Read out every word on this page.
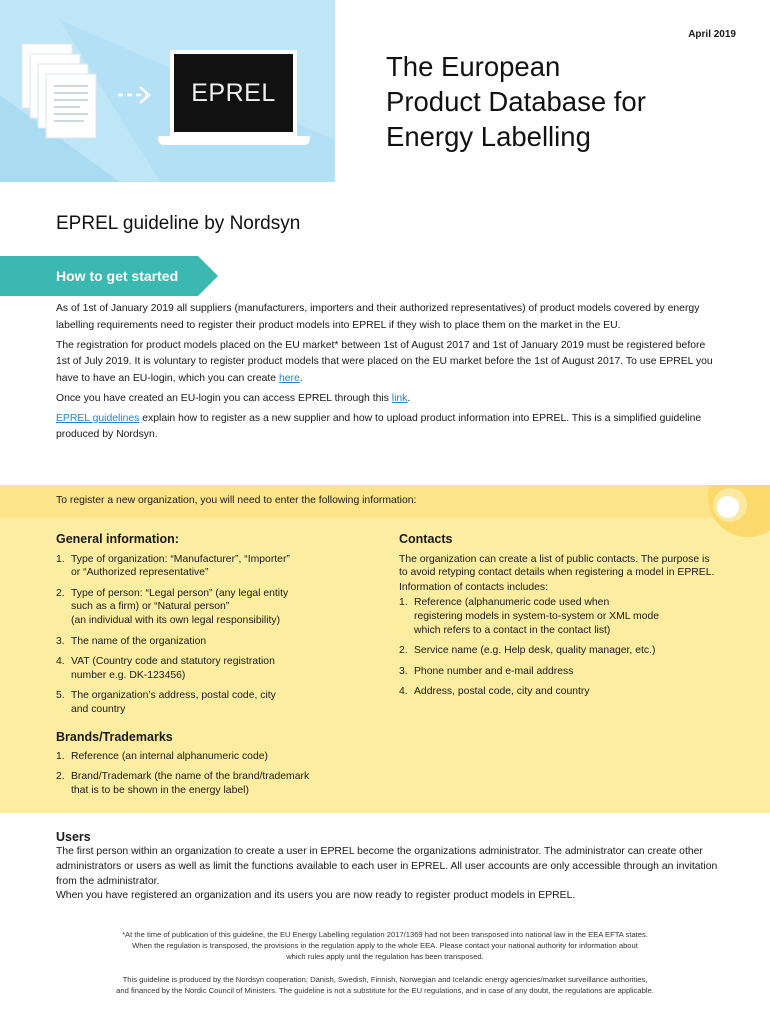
EPREL
April 2019
The European
Product Database for
Energy Labelling
EPREL guideline by Nordsyn
How to get started

As of 1st of January 2019 all suppliers (manufacturers, importers and their authorized representatives) of product models covered by energy labelling requirements need to register their product models into EPREL if they wish to place them on the market in the EU.

The registration for product models placed on the EU market* between 1st of August 2017 and 1st of January 2019 must be registered before 1st of July 2019. It is voluntary to register product models that were placed on the EU market before the 1st of August 2017. To use EPREL you have to have an EU-login, which you can create here.

Once you have created an EU-login you can access EPREL through this link.

EPREL guidelines explain how to register as a new supplier and how to upload product information into EPREL. This is a simplified guideline produced by Nordsyn.

To register a new organization, you will need to enter the following information:
General information:
1. Type of organization: “Manufacturer”, “Importer”
or “Authorized representative”
2. Type of person: “Legal person” (any legal entity
such as a firm) or “Natural person”
(an individual with its own legal responsibility)
3. The name of the organization
4. VAT (Country code and statutory registration
number e.g. DK-123456)
5. The organization’s address, postal code, city
and country
Contacts

The organization can create a list of public contacts. The purpose is to avoid retyping contact details when registering a model in EPREL.

Information of contacts includes:

1. Reference (alphanumeric code used when
registering models in system-to-system or XML mode
which refers to a contact in the contact list)
2. Service name (e.g. Help desk, quality manager, etc.)
3. Phone number and e-mail address
4. Address, postal code, city and country
Brands/Trademarks
1. Reference (an internal alphanumeric code)
2. Brand/Trademark (the name of the brand/trademark
that is to be shown in the energy label)
Users

The first person within an organization to create a user in EPREL become the organizations administrator. The administrator can create other administrators or users as well as limit the functions available to each user in EPREL. All user accounts are only accessible through an invitation from the administrator.

When you have registered an organization and its users you are now ready to register product models in EPREL.

*At the time of publication of this guideline, the EU Energy Labelling regulation 2017/1369 had not been transposed into national law in the EEA EFTA states.
When the regulation is transposed, the provisions in the regulation apply to the whole EEA. Please contact your national authority for information about
which rules apply until the regulation has been transposed.
This guideline is produced by the Nordsyn cooperation; Danish, Swedish, Finnish, Norwegian and Icelandic energy agencies/market surveillance authorities,
and financed by the Nordic Council of Ministers. The guideline is not a substitute for the EU regulations, and in case of any doubt, the regulations are applicable.
